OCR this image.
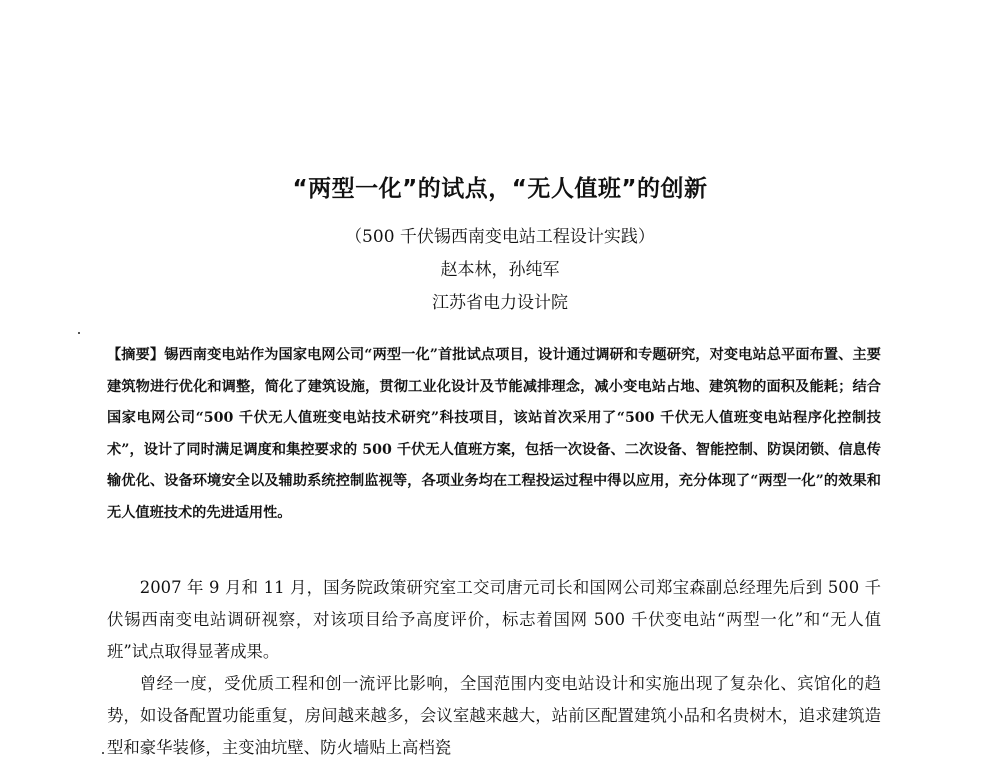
“两型一化”的试点，“无人值班”的创新
（500 千伏锡西南变电站工程设计实践）
赵本林，孙纯军
江苏省电力设计院
【摘要】锡西南变电站作为国家电网公司“两型一化”首批试点项目，设计通过调研和专题研究，对变电站总平面布置、主要建筑物进行优化和调整，简化了建筑设施，贯彻工业化设计及节能减排理念，减小变电站占地、建筑物的面积及能耗；结合国家电网公司“500 千伏无人值班变电站技术研究”科技项目，该站首次采用了“500 千伏无人值班变电站程序化控制技术”，设计了同时满足调度和集控要求的 500 千伏无人值班方案，包括一次设备、二次设备、智能控制、防误闭锁、信息传输优化、设备环境安全以及辅助系统控制监视等，各项业务均在工程投运过程中得以应用，充分体现了“两型一化”的效果和无人值班技术的先进适用性。
2007 年 9 月和 11 月，国务院政策研究室工交司唐元司长和国网公司郑宝森副总经理先后到 500 千伏锡西南变电站调研视察，对该项目给予高度评价，标志着国网 500 千伏变电站“两型一化”和“无人值班”试点取得显著成果。
曾经一度，受优质工程和创一流评比影响，全国范围内变电站设计和实施出现了复杂化、宾馆化的趋势，如设备配置功能重复，房间越来越多，会议室越来越大，站前区配置建筑小品和名贵树木，追求建筑造型和豪华装修，主变油坑壁、防火墙贴上高档瓷
